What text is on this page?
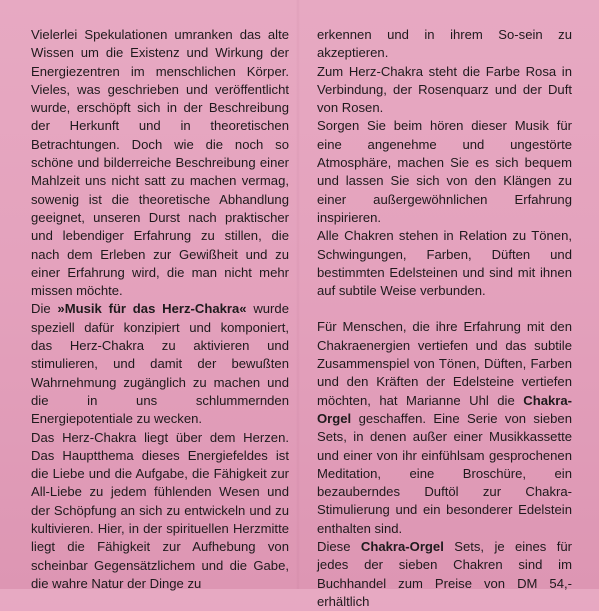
Vielerlei Spekulationen umranken das alte Wissen um die Existenz und Wirkung der Energiezentren im menschlichen Körper. Vieles, was geschrieben und veröffentlicht wurde, erschöpft sich in der Beschreibung der Herkunft und in theoretischen Betrachtungen. Doch wie die noch so schöne und bilderreiche Beschreibung einer Mahlzeit uns nicht satt zu machen vermag, sowenig ist die theoretische Abhandlung geeignet, unseren Durst nach praktischer und lebendiger Erfahrung zu stillen, die nach dem Erleben zur Gewißheit und zu einer Erfahrung wird, die man nicht mehr missen möchte.

Die »Musik für das Herz-Chakra« wurde speziell dafür konzipiert und komponiert, das Herz-Chakra zu aktivieren und stimulieren, und damit der bewußten Wahrnehmung zugänglich zu machen und die in uns schlummernden Energiepotentiale zu wecken.

Das Herz-Chakra liegt über dem Herzen. Das Hauptthema dieses Energiefeldes ist die Liebe und die Aufgabe, die Fähigkeit zur All-Liebe zu jedem fühlenden Wesen und der Schöpfung an sich zu entwickeln und zu kultivieren. Hier, in der spirituellen Herzmitte liegt die Fähigkeit zur Aufhebung von scheinbar Gegensätzlichem und die Gabe, die wahre Natur der Dinge zu

erkennen und in ihrem So-sein zu akzeptieren.

Zum Herz-Chakra steht die Farbe Rosa in Verbindung, der Rosenquarz und der Duft von Rosen.

Sorgen Sie beim hören dieser Musik für eine angenehme und ungestörte Atmosphäre, machen Sie es sich bequem und lassen Sie sich von den Klängen zu einer außergewöhnlichen Erfahrung inspirieren.

Alle Chakren stehen in Relation zu Tönen, Schwingungen, Farben, Düften und bestimmten Edelsteinen und sind mit ihnen auf subtile Weise verbunden.

Für Menschen, die ihre Erfahrung mit den Chakraenergien vertiefen und das subtile Zusammenspiel von Tönen, Düften, Farben und den Kräften der Edelsteine vertiefen möchten, hat Marianne Uhl die Chakra-Orgel geschaffen. Eine Serie von sieben Sets, in denen außer einer Musikkassette und einer von ihr einfühlsam gesprochenen Meditation, eine Broschüre, ein bezauberndes Duftöl zur Chakra-Stimulierung und ein besonderer Edelstein enthalten sind.

Diese Chakra-Orgel Sets, je eines für jedes der sieben Chakren sind im Buchhandel zum Preise von DM 54,- erhältlich
